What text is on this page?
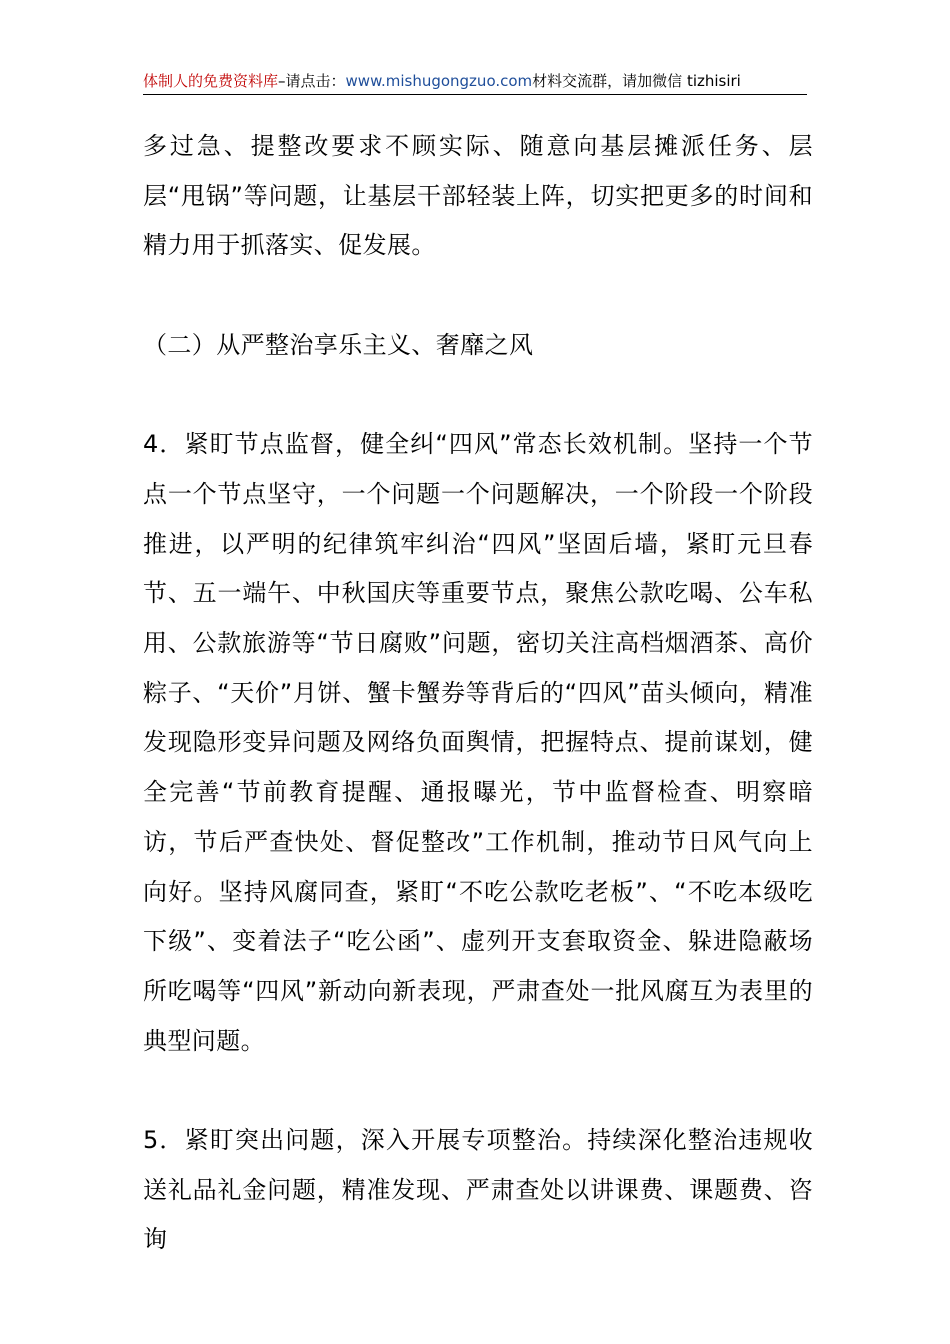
体制人的免费资料库–请点击：www.mishugongzuo.com材料交流群，请加微信 tizhisiri

多过急、提整改要求不顾实际、随意向基层摊派任务、层层“甩锅”等问题，让基层干部轻装上阵，切实把更多的时间和精力用于抓落实、促发展。

（二）从严整治享乐主义、奢靡之风

4．紧盯节点监督，健全纠“四风”常态长效机制。坚持一个节点一个节点坚守，一个问题一个问题解决，一个阶段一个阶段推进，以严明的纪律筑牢纠治“四风”坚固后墙，紧盯元旦春节、五一端午、中秋国庆等重要节点，聚焦公款吃喝、公车私用、公款旅游等“节日腐败”问题，密切关注高档烟酒茶、高价粽子、“天价”月饼、蟹卡蟹券等背后的“四风”苗头倾向，精准发现隐形变异问题及网络负面舆情，把握特点、提前谋划，健全完善“节前教育提醒、通报曝光，节中监督检查、明察暗访，节后严查快处、督促整改”工作机制，推动节日风气向上向好。坚持风腐同查，紧盯“不吃公款吃老板”、“不吃本级吃下级”、变着法子“吃公函”、虚列开支套取资金、躲进隐蔽场所吃喝等“四风”新动向新表现，严肃查处一批风腐互为表里的典型问题。

5．紧盯突出问题，深入开展专项整治。持续深化整治违规收送礼品礼金问题，精准发现、严肃查处以讲课费、课题费、咨询
